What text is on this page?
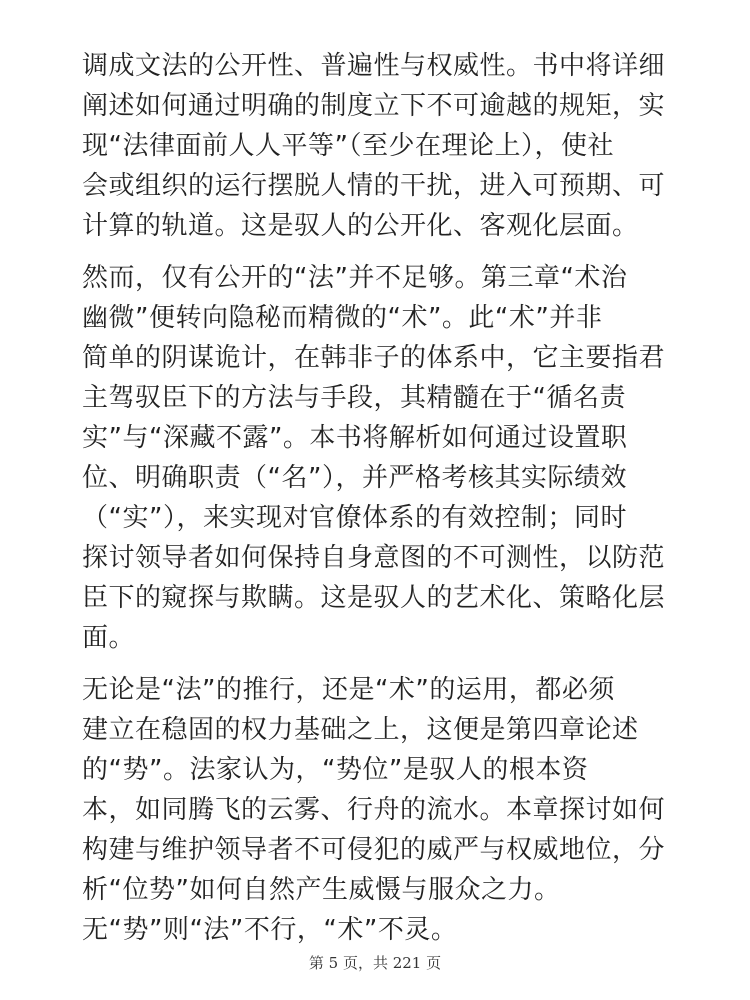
调成文法的公开性、普遍性与权威性。书中将详细
阐述如何通过明确的制度立下不可逾越的规矩，实
现“法律面前人人平等”（至少在理论上），使社
会或组织的运行摆脱人情的干扰，进入可预期、可
计算的轨道。这是驭人的公开化、客观化层面。
然而，仅有公开的“法”并不足够。第三章“术治
幽微”便转向隐秘而精微的“术”。此“术”并非
简单的阴谋诡计，在韩非子的体系中，它主要指君
主驾驭臣下的方法与手段，其精髓在于“循名责
实”与“深藏不露”。本书将解析如何通过设置职
位、明确职责（“名”），并严格考核其实际绩效
（“实”），来实现对官僚体系的有效控制；同时
探讨领导者如何保持自身意图的不可测性，以防范
臣下的窥探与欺瞒。这是驭人的艺术化、策略化层
面。
无论是“法”的推行，还是“术”的运用，都必须
建立在稳固的权力基础之上，这便是第四章论述
的“势”。法家认为，“势位”是驭人的根本资
本，如同腾飞的云雾、行舟的流水。本章探讨如何
构建与维护领导者不可侵犯的威严与权威地位，分
析“位势”如何自然产生威慑与服众之力。
无“势”则“法”不行，“术”不灵。
第 5 页，共 221 页
